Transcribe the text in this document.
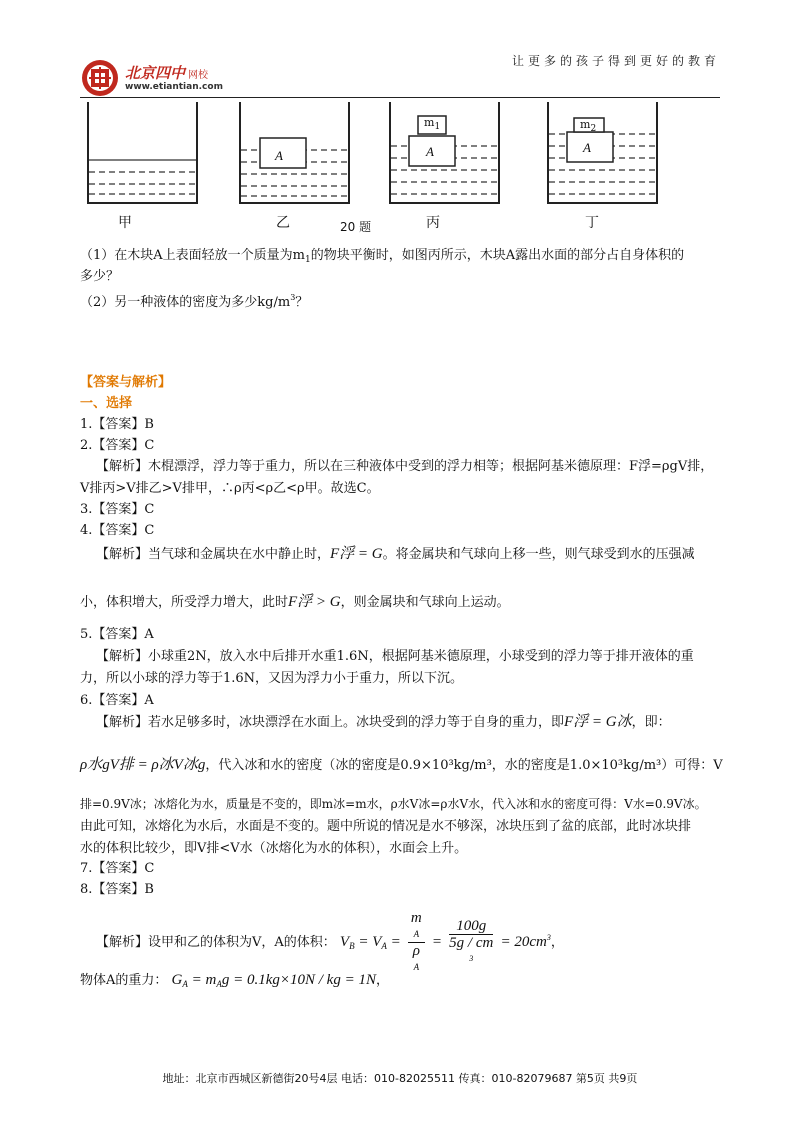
北京四中 网校
www.etiantian.com
让更多的孩子得到更好的教育
A	A	A
$m_1$	$m_2$
甲	乙	丙	丁
20 题
（1）在木块A上表面轻放一个质量为$m_1$的物块平衡时，如图丙所示，木块A露出水面的部分占自身体积的
多少？
（2）另一种液体的密度为多少$kg/m^3$？
【答案与解析】
一、选择
1.【答案】B
2.【答案】C
【解析】木棍漂浮，浮力等于重力，所以在三种液体中受到的浮力相等；根据阿基米德原理：F浮=ρgV排，
V排丙>V排乙>V排甲，∴ρ丙<ρ乙<ρ甲。故选C。
3.【答案】C
4.【答案】C
【解析】当气球和金属块在水中静止时，F浮 = G。将金属块和气球向上移一些，则气球受到水的压强减
小，体积增大，所受浮力增大，此时F浮 > G，则金属块和气球向上运动。
5.【答案】A
【解析】小球重2N，放入水中后排开水重1.6N，根据阿基米德原理，小球受到的浮力等于排开液体的重
力，所以小球的浮力等于1.6N，又因为浮力小于重力，所以下沉。
6.【答案】A
【解析】若水足够多时，冰块漂浮在水面上。冰块受到的浮力等于自身的重力，即F浮 = G冰，即：
ρ水gV排 = ρ冰V冰g，代入冰和水的密度（冰的密度是0.9×10³kg/m³，水的密度是1.0×10³kg/m³）可得：V
排=0.9V冰；冰熔化为水，质量是不变的，即m冰=m水，ρ水V冰=ρ水V水，代入冰和水的密度可得：V水=0.9V冰。
由此可知，冰熔化为水后，水面是不变的。题中所说的情况是水不够深，冰块压到了盆的底部，此时冰块排
水的体积比较少，即V排<V水（冰熔化为水的体积），水面会上升。
7.【答案】C
8.【答案】B
【解析】设甲和乙的体积为V，A的体积： $V_B = V_A = m$
A
ρ
A = 100g
5g / cm
$3 = 20cm^3$，
物体A的重力： $G_A = m_Ag = 0.1kg\times 10N$ / kg = 1N，
地址：北京市西城区新德街20号4层 电话：010-82025511 传真：010-82079687 第5页 共9页
